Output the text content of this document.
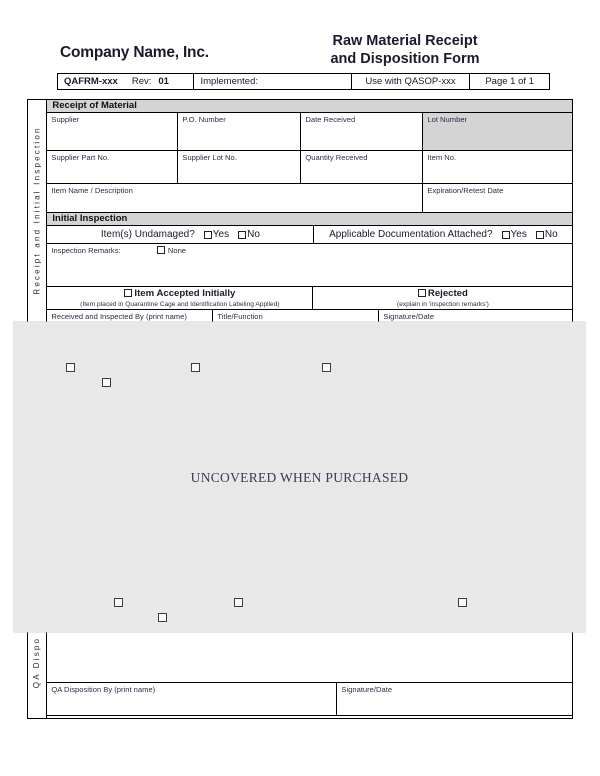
Company Name, Inc.
Raw Material Receipt
and Disposition Form
QAFRM-xxx Rev: 01	Implemented:	Use with QASOP-xxx	Page 1 of 1
Receipt and Initial Inspection
QA Dispo
Receipt of Material
Supplier	P.O. Number	Date Received	Lot Number
Supplier Part No.	Supplier Lot No.	Quantity Received	Item No.
Item Name / Description	Expiration/Retest Date
Initial Inspection
Item(s) Undamaged? Yes No	Applicable Documentation Attached? Yes No
Inspection Remarks:	None
Item Accepted Initially
(Item placed in Quarantine Cage and Identification Labeling Applied)
Rejected
(explain in 'inspection remarks')
Received and Inspected By (print name)	Title/Function	Signature/Date
QA Disposition By (print name)	Signature/Date
UNCOVERED WHEN PURCHASED
